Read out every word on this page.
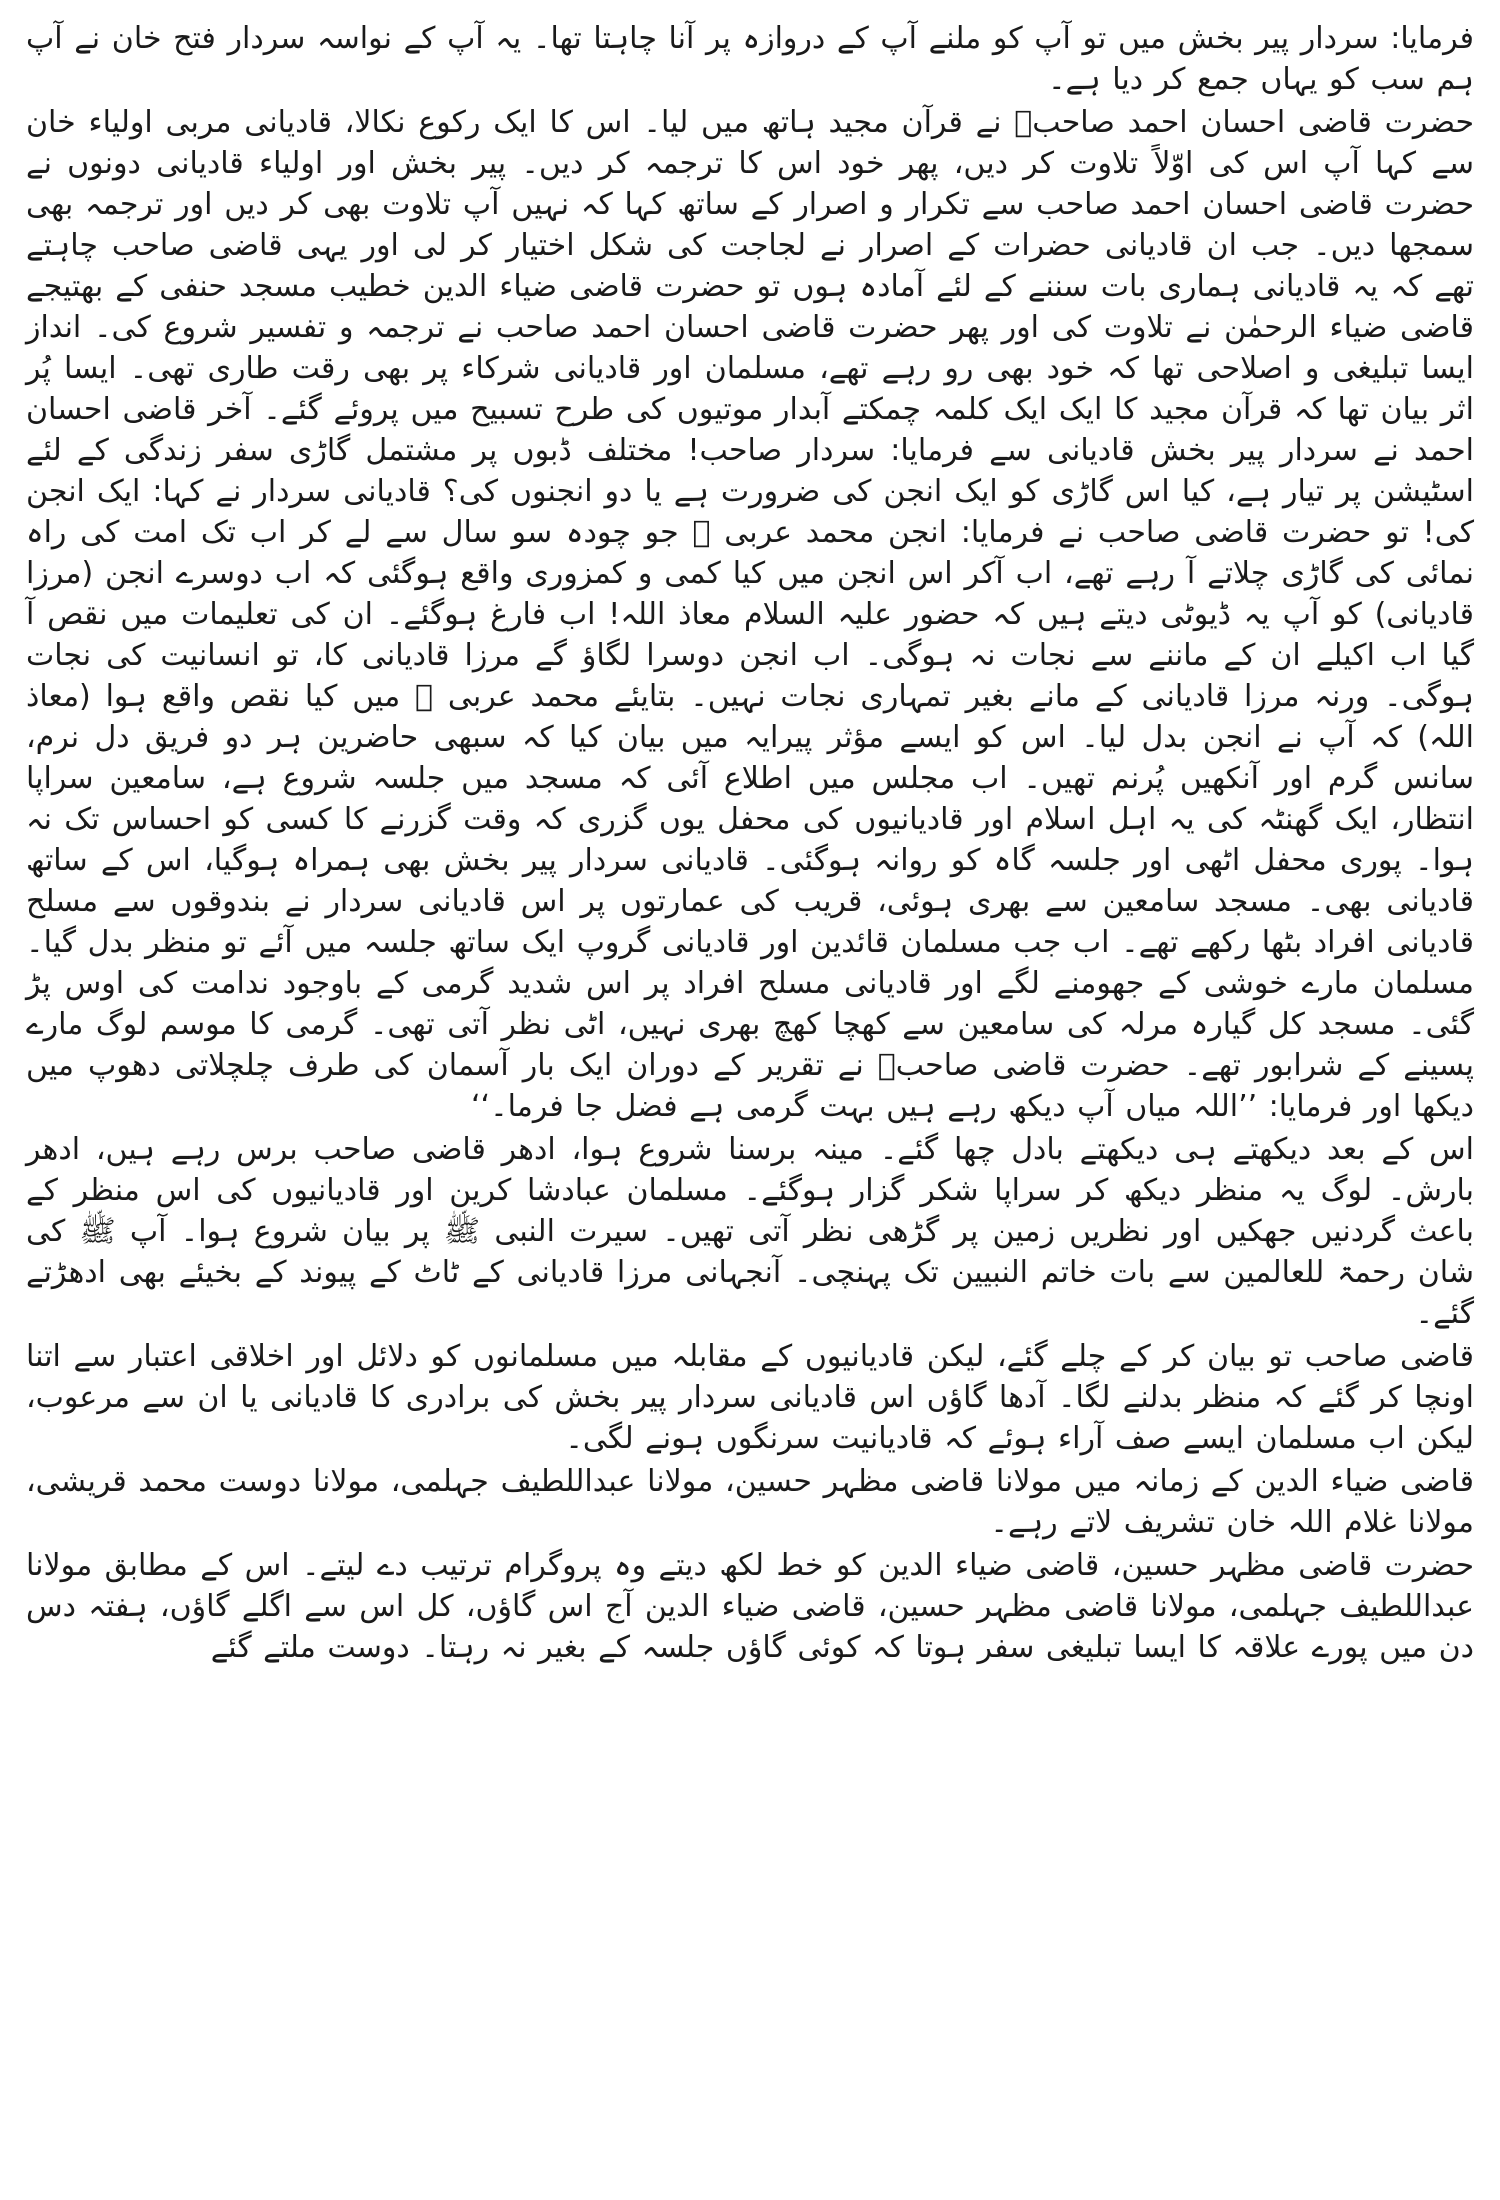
فرمایا: سردار پیر بخش میں تو آپ کو ملنے آپ کے دروازہ پر آنا چاہتا تھا۔ یہ آپ کے نواسہ سردار فتح خان نے آپ ہم سب کو یہاں جمع کر دیا ہے۔

حضرت قاضی احسان احمد صاحبؒ نے قرآن مجید ہاتھ میں لیا۔ اس کا ایک رکوع نکالا، قادیانی مربی اولیاء خان سے کہا آپ اس کی اوّلاً تلاوت کر دیں، پھر خود اس کا ترجمہ کر دیں۔ پیر بخش اور اولیاء قادیانی دونوں نے حضرت قاضی احسان احمد صاحب سے تکرار و اصرار کے ساتھ کہا کہ نہیں آپ تلاوت بھی کر دیں اور ترجمہ بھی سمجھا دیں۔ جب ان قادیانی حضرات کے اصرار نے لجاجت کی شکل اختیار کر لی اور یہی قاضی صاحب چاہتے تھے کہ یہ قادیانی ہماری بات سننے کے لئے آمادہ ہوں تو حضرت قاضی ضیاء الدین خطیب مسجد حنفی کے بھتیجے قاضی ضیاء الرحمٰن نے تلاوت کی اور پھر حضرت قاضی احسان احمد صاحب نے ترجمہ و تفسیر شروع کی۔ انداز ایسا تبلیغی و اصلاحی تھا کہ خود بھی رو رہے تھے، مسلمان اور قادیانی شرکاء پر بھی رقت طاری تھی۔ ایسا پُر اثر بیان تھا کہ قرآن مجید کا ایک ایک کلمہ چمکتے آبدار موتیوں کی طرح تسبیح میں پروئے گئے۔ آخر قاضی احسان احمد نے سردار پیر بخش قادیانی سے فرمایا: سردار صاحب! مختلف ڈبوں پر مشتمل گاڑی سفر زندگی کے لئے اسٹیشن پر تیار ہے، کیا اس گاڑی کو ایک انجن کی ضرورت ہے یا دو انجنوں کی؟ قادیانی سردار نے کہا: ایک انجن کی! تو حضرت قاضی صاحب نے فرمایا: انجن محمد عربی ﷺ جو چودہ سو سال سے لے کر اب تک امت کی راہ نمائی کی گاڑی چلاتے آ رہے تھے، اب آکر اس انجن میں کیا کمی و کمزوری واقع ہوگئی کہ اب دوسرے انجن (مرزا قادیانی) کو آپ یہ ڈیوٹی دیتے ہیں کہ حضور علیہ السلام معاذ اللہ! اب فارغ ہوگئے۔ ان کی تعلیمات میں نقص آ گیا اب اکیلے ان کے ماننے سے نجات نہ ہوگی۔ اب انجن دوسرا لگاؤ گے مرزا قادیانی کا، تو انسانیت کی نجات ہوگی۔ ورنہ مرزا قادیانی کے مانے بغیر تمہاری نجات نہیں۔ بتایئے محمد عربی ﷺ میں کیا نقص واقع ہوا (معاذ اللہ) کہ آپ نے انجن بدل لیا۔ اس کو ایسے مؤثر پیرایہ میں بیان کیا کہ سبھی حاضرین ہر دو فریق دل نرم، سانس گرم اور آنکھیں پُرنم تھیں۔ اب مجلس میں اطلاع آئی کہ مسجد میں جلسہ شروع ہے، سامعین سراپا انتظار، ایک گھنٹہ کی یہ اہل اسلام اور قادیانیوں کی محفل یوں گزری کہ وقت گزرنے کا کسی کو احساس تک نہ ہوا۔ پوری محفل اٹھی اور جلسہ گاہ کو روانہ ہوگئی۔ قادیانی سردار پیر بخش بھی ہمراہ ہوگیا، اس کے ساتھ قادیانی بھی۔ مسجد سامعین سے بھری ہوئی، قریب کی عمارتوں پر اس قادیانی سردار نے بندوقوں سے مسلح قادیانی افراد بٹھا رکھے تھے۔ اب جب مسلمان قائدین اور قادیانی گروپ ایک ساتھ جلسہ میں آئے تو منظر بدل گیا۔ مسلمان مارے خوشی کے جھومنے لگے اور قادیانی مسلح افراد پر اس شدید گرمی کے باوجود ندامت کی اوس پڑ گئی۔ مسجد کل گیارہ مرلہ کی سامعین سے کھچا کھچ بھری نہیں، اٹی نظر آتی تھی۔ گرمی کا موسم لوگ مارے پسینے کے شرابور تھے۔ حضرت قاضی صاحبؒ نے تقریر کے دوران ایک بار آسمان کی طرف چلچلاتی دھوپ میں دیکھا اور فرمایا: ’’اللہ میاں آپ دیکھ رہے ہیں بہت گرمی ہے فضل جا فرما۔‘‘

اس کے بعد دیکھتے ہی دیکھتے بادل چھا گئے۔ مینہ برسنا شروع ہوا، ادھر قاضی صاحب برس رہے ہیں، ادھر بارش۔ لوگ یہ منظر دیکھ کر سراپا شکر گزار ہوگئے۔ مسلمان عبادشا کرین اور قادیانیوں کی اس منظر کے باعث گردنیں جھکیں اور نظریں زمین پر گڑھی نظر آتی تھیں۔ سیرت النبی ﷺ پر بیان شروع ہوا۔ آپ ﷺ کی شان رحمۃ للعالمین سے بات خاتم النبیین تک پہنچی۔ آنجہانی مرزا قادیانی کے ٹاٹ کے پیوند کے بخیئے بھی ادھڑتے گئے۔

قاضی صاحب تو بیان کر کے چلے گئے، لیکن قادیانیوں کے مقابلہ میں مسلمانوں کو دلائل اور اخلاقی اعتبار سے اتنا اونچا کر گئے کہ منظر بدلنے لگا۔ آدھا گاؤں اس قادیانی سردار پیر بخش کی برادری کا قادیانی یا ان سے مرعوب، لیکن اب مسلمان ایسے صف آراء ہوئے کہ قادیانیت سرنگوں ہونے لگی۔

قاضی ضیاء الدین کے زمانہ میں مولانا قاضی مظہر حسین، مولانا عبداللطیف جہلمی، مولانا دوست محمد قریشی، مولانا غلام اللہ خان تشریف لاتے رہے۔

حضرت قاضی مظہر حسین، قاضی ضیاء الدین کو خط لکھ دیتے وہ پروگرام ترتیب دے لیتے۔ اس کے مطابق مولانا عبداللطیف جہلمی، مولانا قاضی مظہر حسین، قاضی ضیاء الدین آج اس گاؤں، کل اس سے اگلے گاؤں، ہفتہ دس دن میں پورے علاقہ کا ایسا تبلیغی سفر ہوتا کہ کوئی گاؤں جلسہ کے بغیر نہ رہتا۔ دوست ملتے گئے
